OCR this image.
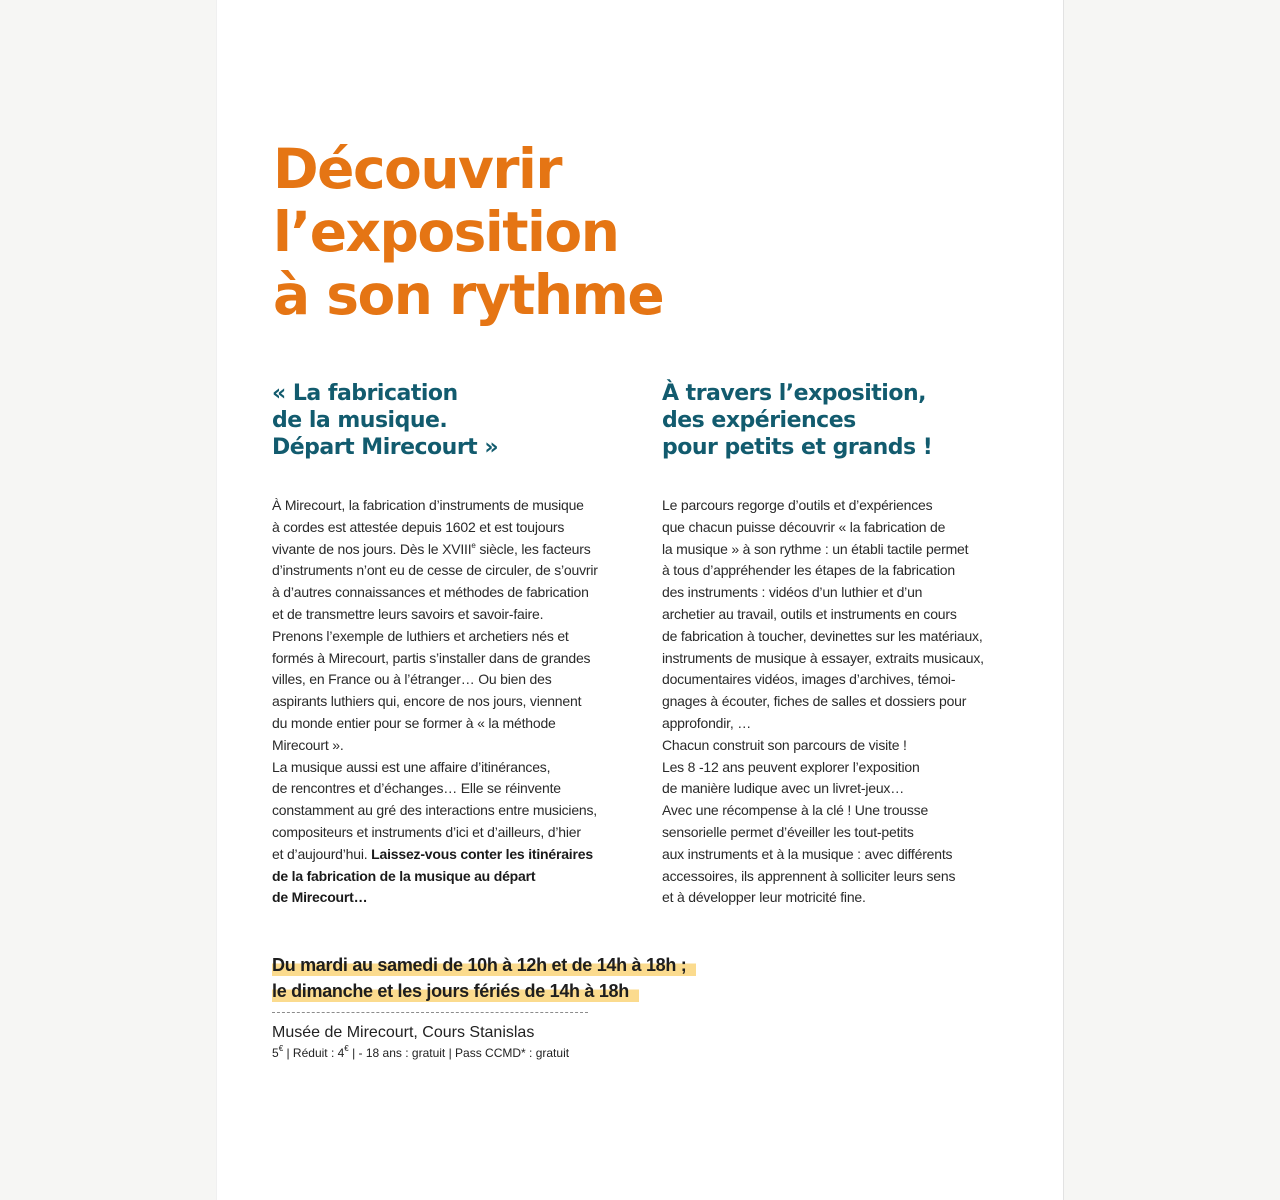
Découvrir
l’exposition
à son rythme
« La fabrication
de la musique.
Départ Mirecourt »
À Mirecourt, la fabrication d’instruments de musique
à cordes est attestée depuis 1602 et est toujours
vivante de nos jours. Dès le XVIIIe siècle, les facteurs
d’instruments n’ont eu de cesse de circuler, de s’ouvrir
à d’autres connaissances et méthodes de fabrication
et de transmettre leurs savoirs et savoir-faire.
Prenons l’exemple de luthiers et archetiers nés et
formés à Mirecourt, partis s’installer dans de grandes
villes, en France ou à l’étranger… Ou bien des
aspirants luthiers qui, encore de nos jours, viennent
du monde entier pour se former à « la méthode
Mirecourt ».
La musique aussi est une affaire d’itinérances,
de rencontres et d’échanges… Elle se réinvente
constamment au gré des interactions entre musiciens,
compositeurs et instruments d’ici et d’ailleurs, d’hier
et d’aujourd’hui. Laissez-vous conter les itinéraires
de la fabrication de la musique au départ
de Mirecourt…
À travers l’exposition,
des expériences
pour petits et grands !
Le parcours regorge d’outils et d’expériences
que chacun puisse découvrir « la fabrication de
la musique » à son rythme : un établi tactile permet
à tous d’appréhender les étapes de la fabrication
des instruments : vidéos d’un luthier et d’un
archetier au travail, outils et instruments en cours
de fabrication à toucher, devinettes sur les matériaux,
instruments de musique à essayer, extraits musicaux,
documentaires vidéos, images d’archives, témoi-
gnages à écouter, fiches de salles et dossiers pour
approfondir, …
Chacun construit son parcours de visite !
Les 8 -12 ans peuvent explorer l’exposition
de manière ludique avec un livret-jeux…
Avec une récompense à la clé ! Une trousse
sensorielle permet d’éveiller les tout-petits
aux instruments et à la musique : avec différents
accessoires, ils apprennent à solliciter leurs sens
et à développer leur motricité fine.
Du mardi au samedi de 10h à 12h et de 14h à 18h ;
le dimanche et les jours fériés de 14h à 18h

Musée de Mirecourt, Cours Stanislas

5€ | Réduit : 4€ | - 18 ans : gratuit | Pass CCMD* : gratuit
